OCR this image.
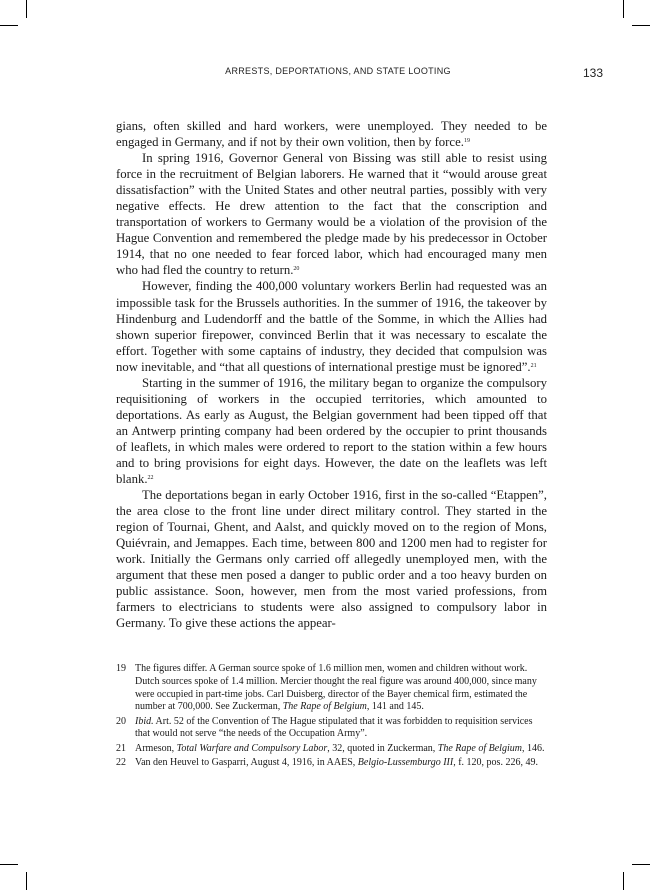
ARRESTS, DEPORTATIONS, AND STATE LOOTING	133

gians, often skilled and hard workers, were unemployed. They needed to be engaged in Germany, and if not by their own volition, then by force.$^{19}$

In spring 1916, Governor General von Bissing was still able to resist using force in the recruitment of Belgian laborers. He warned that it “would arouse great dissatisfaction” with the United States and other neutral parties, possibly with very negative effects. He drew attention to the fact that the conscription and transportation of workers to Germany would be a violation of the provision of the Hague Convention and remembered the pledge made by his predecessor in October 1914, that no one needed to fear forced labor, which had encouraged many men who had fled the country to return.$^{20}$

However, finding the 400,000 voluntary workers Berlin had requested was an impossible task for the Brussels authorities. In the summer of 1916, the takeover by Hindenburg and Ludendorff and the battle of the Somme, in which the Allies had shown superior firepower, convinced Berlin that it was necessary to escalate the effort. Together with some captains of industry, they decided that compulsion was now inevitable, and “that all questions of international prestige must be ignored”.$^{21}$

Starting in the summer of 1916, the military began to organize the compulsory requisitioning of workers in the occupied territories, which amounted to deportations. As early as August, the Belgian government had been tipped off that an Antwerp printing company had been ordered by the occupier to print thousands of leaflets, in which males were ordered to report to the station within a few hours and to bring provisions for eight days. However, the date on the leaflets was left blank.$^{22}$

The deportations began in early October 1916, first in the so-called “Etappen”, the area close to the front line under direct military control. They started in the region of Tournai, Ghent, and Aalst, and quickly moved on to the region of Mons, Quiévrain, and Jemappes. Each time, between 800 and 1200 men had to register for work. Initially the Germans only carried off allegedly unemployed men, with the argument that these men posed a danger to public order and a too heavy burden on public assistance. Soon, however, men from the most varied professions, from farmers to electricians to students were also assigned to compulsory labor in Germany. To give these actions the appear-

19 The figures differ. A German source spoke of 1.6 million men, women and children without work. Dutch sources spoke of 1.4 million. Mercier thought the real figure was around 400,000, since many were occupied in part-time jobs. Carl Duisberg, director of the Bayer chemical firm, estimated the number at 700,000. See Zuckerman, The Rape of Belgium, 141 and 145.
20 Ibid. Art. 52 of the Convention of The Hague stipulated that it was forbidden to requisition services that would not serve “the needs of the Occupation Army”.
21 Armeson, Total Warfare and Compulsory Labor, 32, quoted in Zuckerman, The Rape of Belgium, 146.
22 Van den Heuvel to Gasparri, August 4, 1916, in AAES, Belgio-Lussemburgo III, f. 120, pos. 226, 49.
